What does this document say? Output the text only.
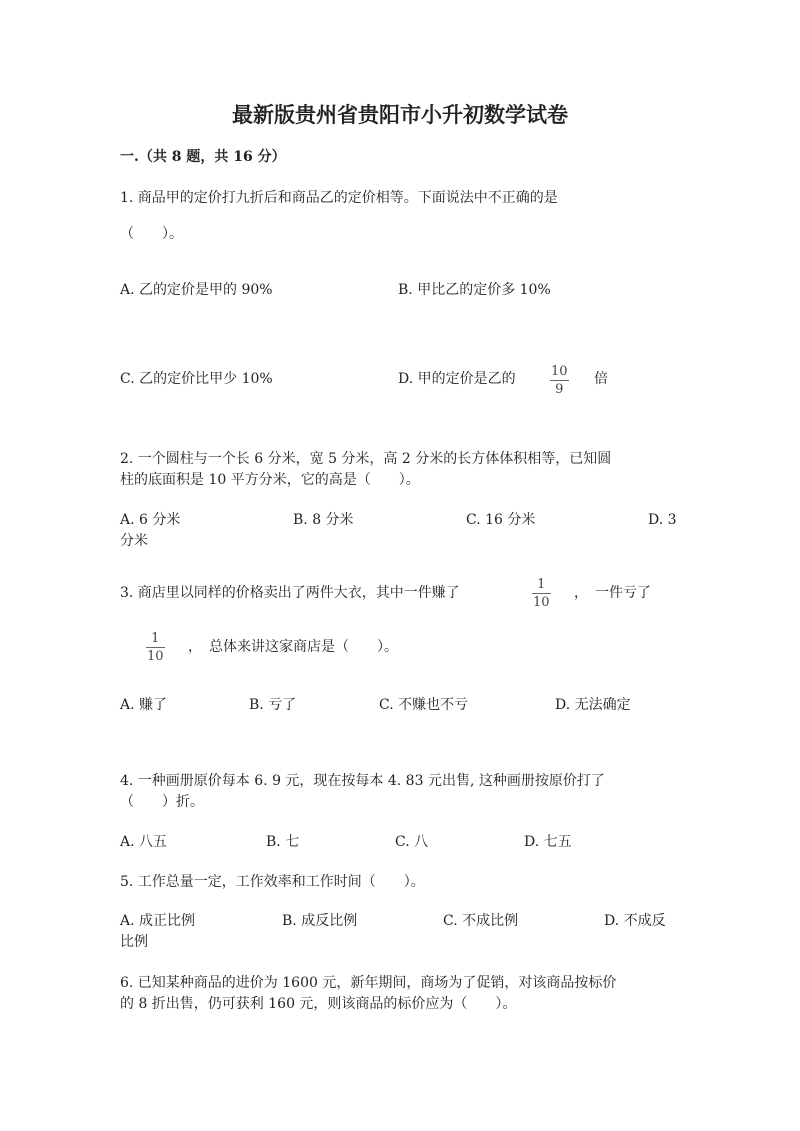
最新版贵州省贵阳市小升初数学试卷
一.（共 8 题，共 16 分）
1. 商品甲的定价打九折后和商品乙的定价相等。下面说法中不正确的是
（　　）。
A. 乙的定价是甲的 90%	B. 甲比乙的定价多 10%
C. 乙的定价比甲少 10%	D. 甲的定价是乙的	10
9
倍
2. 一个圆柱与一个长 6 分米，宽 5 分米，高 2 分米的长方体体积相等，已知圆
柱的底面积是 10 平方分米，它的高是（　　）。
A. 6 分米	B. 8 分米	C. 16 分米	D. 3
分米
3. 商店里以同样的价格卖出了两件大衣，其中一件赚了
1
10
，　一件亏了
1
10
，　总体来讲这家商店是（　　）。
A. 赚了	B. 亏了	C. 不赚也不亏	D. 无法确定
4. 一种画册原价每本 6. 9 元，现在按每本 4. 83 元出售, 这种画册按原价打了
（　　）折。
A. 八五	B. 七	C. 八	D. 七五
5. 工作总量一定，工作效率和工作时间（　　）。
A. 成正比例	B. 成反比例	C. 不成比例	D. 不成反
比例
6. 已知某种商品的进价为 1600 元，新年期间，商场为了促销，对该商品按标价
的 8 折出售，仍可获利 160 元，则该商品的标价应为（　　）。
